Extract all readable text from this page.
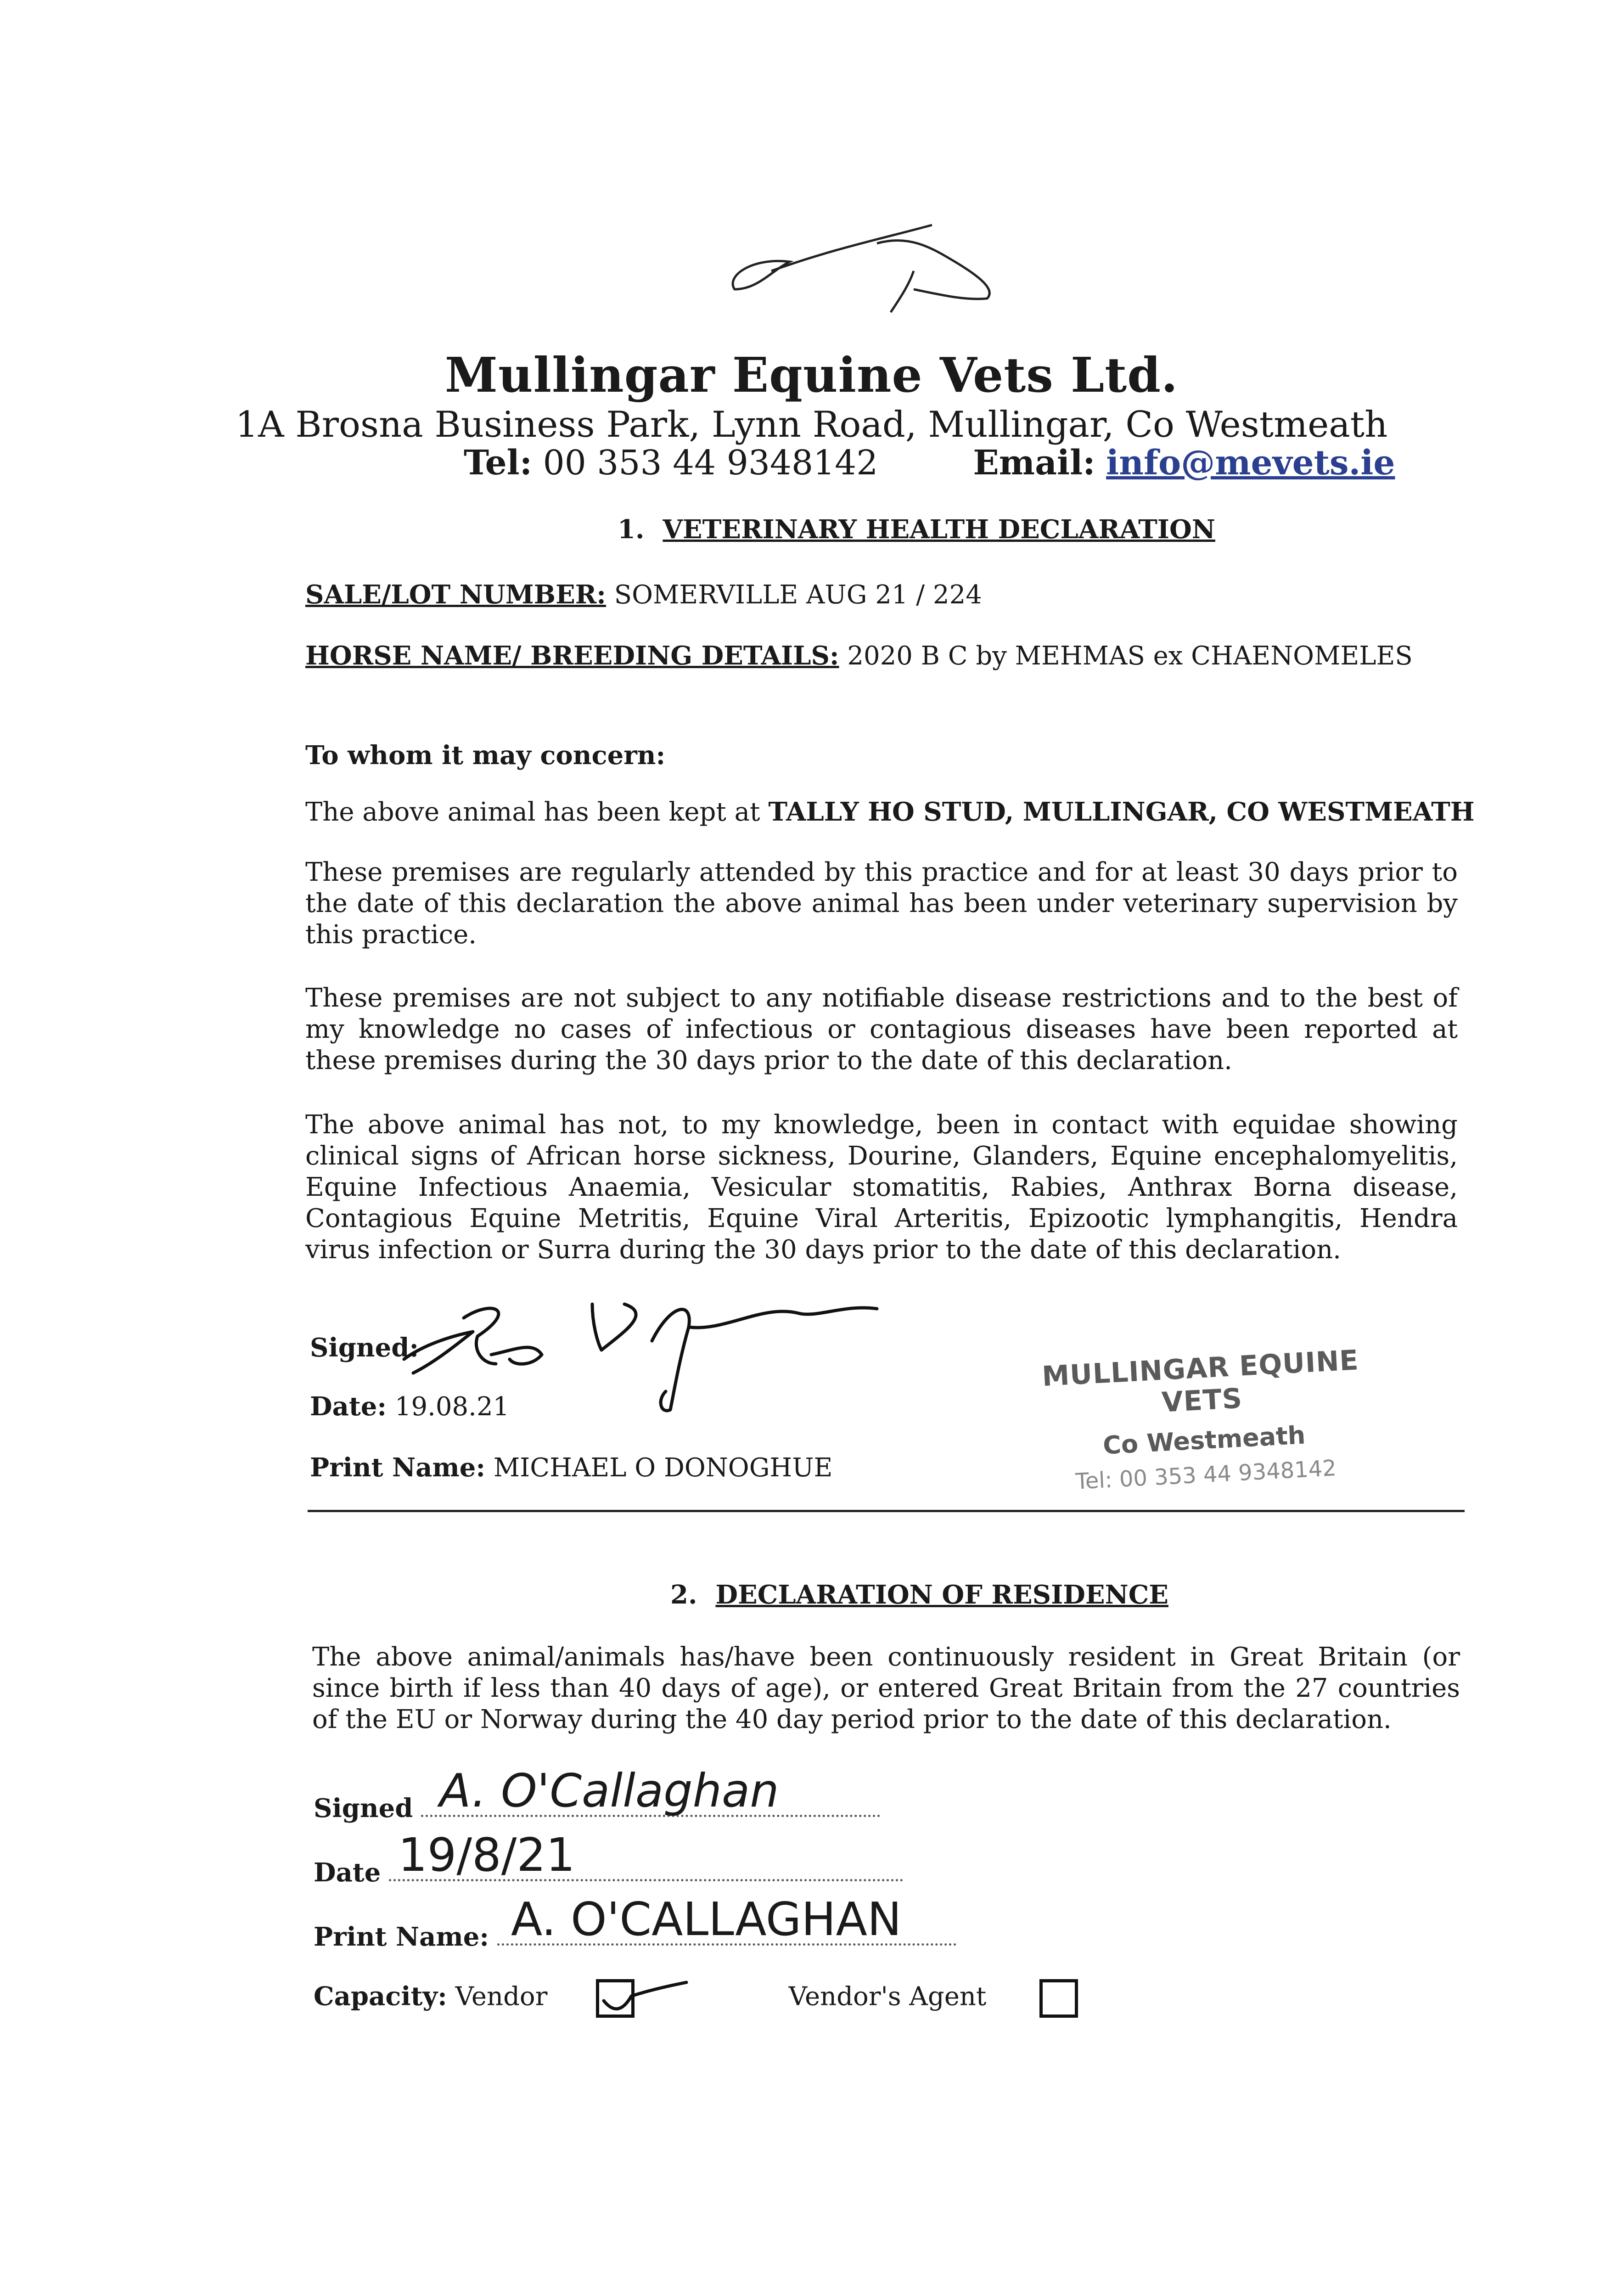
Mullingar Equine Vets Ltd.
1A Brosna Business Park, Lynn Road, Mullingar, Co Westmeath
Tel: 00 353 44 9348142	Email: info@mevets.ie
1. VETERINARY HEALTH DECLARATION
SALE/LOT NUMBER: SOMERVILLE AUG 21 / 224
HORSE NAME/ BREEDING DETAILS: 2020 B C by MEHMAS ex CHAENOMELES
To whom it may concern:
The above animal has been kept at TALLY HO STUD, MULLINGAR, CO WESTMEATH
These premises are regularly attended by this practice and for at least 30 days prior to the date of this declaration the above animal has been under veterinary supervision by this practice.
These premises are not subject to any notifiable disease restrictions and to the best of my knowledge no cases of infectious or contagious diseases have been reported at these premises during the 30 days prior to the date of this declaration.
The above animal has not, to my knowledge, been in contact with equidae showing clinical signs of African horse sickness, Dourine, Glanders, Equine encephalomyelitis, Equine Infectious Anaemia, Vesicular stomatitis, Rabies, Anthrax Borna disease, Contagious Equine Metritis, Equine Viral Arteritis, Epizootic lymphangitis, Hendra virus infection or Surra during the 30 days prior to the date of this declaration.
Signed:
Date: 19.08.21
Print Name: MICHAEL O DONOGHUE
MULLINGAR EQUINE VETS
Co Westmeath
Tel: 00 353 44 9348142
2. DECLARATION OF RESIDENCE
The above animal/animals has/have been continuously resident in Great Britain (or since birth if less than 40 days of age), or entered Great Britain from the 27 countries of the EU or Norway during the 40 day period prior to the date of this declaration.
Signed A. O'Callaghan
Date 19/8/21
Print Name: A. O'CALLAGHAN
Capacity: Vendor	Vendor's Agent
